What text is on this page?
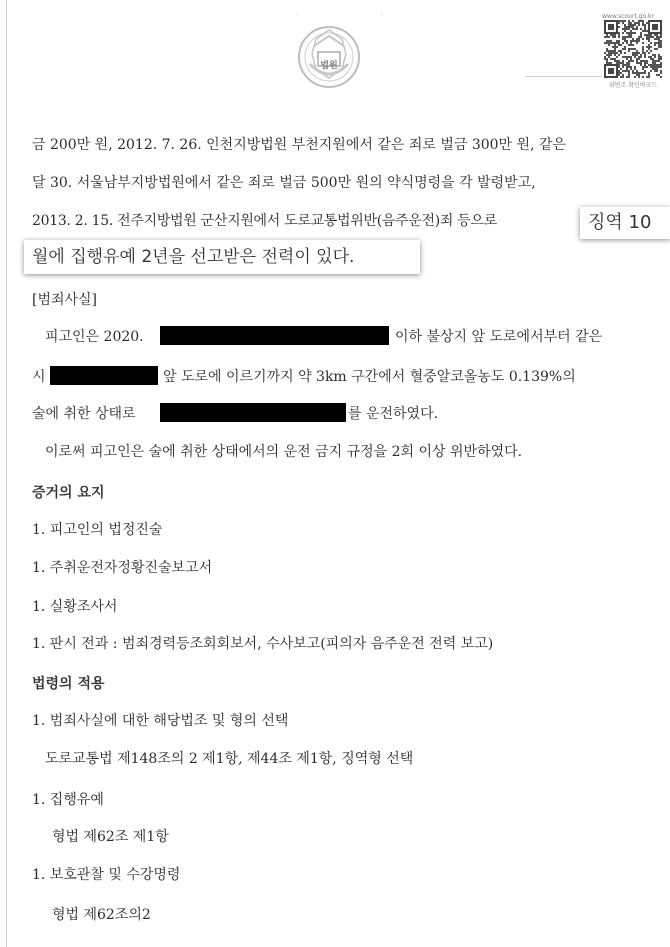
· ·
법원
www.scourt.go.kr
위변조 확인바코드
금 200만 원, 2012. 7. 26. 인천지방법원 부천지원에서 같은 죄로 벌금 300만 원, 같은
달 30. 서울남부지방법원에서 같은 죄로 벌금 500만 원의 약식명령을 각 발령받고,
2013. 2. 15. 전주지방법원 군산지원에서 도로교통법위반(음주운전)죄 등으로	징역 10
월에 집행유예 2년을 선고받은 전력이 있다.
[범죄사실]
피고인은 2020.	이하 불상지 앞 도로에서부터 같은
시	앞 도로에 이르기까지 약 3km 구간에서 혈중알코올농도 0.139%의
술에 취한 상태로	를 운전하였다.
이로써 피고인은 술에 취한 상태에서의 운전 금지 규정을 2회 이상 위반하였다.
증거의 요지
1. 피고인의 법정진술
1. 주취운전자정황진술보고서
1. 실황조사서
1. 판시 전과 : 범죄경력등조회회보서, 수사보고(피의자 음주운전 전력 보고)
법령의 적용
1. 범죄사실에 대한 해당법조 및 형의 선택
도로교통법 제148조의 2 제1항, 제44조 제1항, 징역형 선택
1. 집행유예
형법 제62조 제1항
1. 보호관찰 및 수강명령
형법 제62조의2
